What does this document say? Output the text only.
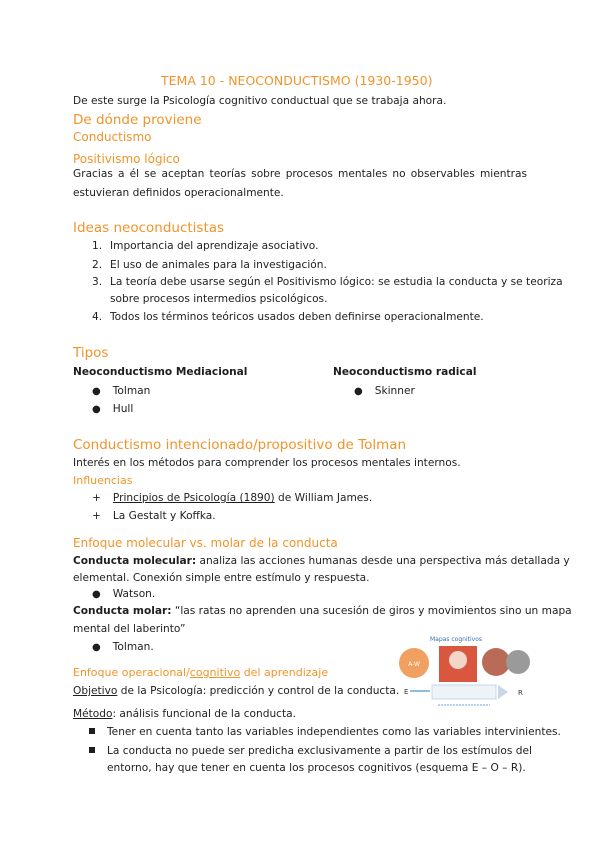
TEMA 10 - NEOCONDUCTISMO (1930-1950)
De este surge la Psicología cognitivo conductual que se trabaja ahora.
De dónde proviene
Conductismo
Positivismo lógico
Gracias a él se aceptan teorías sobre procesos mentales no observables mientras estuvieran definidos operacionalmente.
Ideas neoconductistas
1. Importancia del aprendizaje asociativo.
2. El uso de animales para la investigación.
3. La teoría debe usarse según el Positivismo lógico: se estudia la conducta y se teoriza
sobre procesos intermedios psicológicos.
4. Todos los términos teóricos usados deben definirse operacionalmente.
Tipos
Neoconductismo Mediacional
● Tolman
● Hull
Neoconductismo radical
● Skinner
Conductismo intencionado/propositivo de Tolman
Interés en los métodos para comprender los procesos mentales internos.
Influencias
+ Principios de Psicología (1890) de William James.
+ La Gestalt y Koffka.
Enfoque molecular vs. molar de la conducta
Conducta molecular: analiza las acciones humanas desde una perspectiva más detallada y
elemental. Conexión simple entre estímulo y respuesta.
● Watson.
Conducta molar: “las ratas no aprenden una sucesión de giros y movimientos sino un mapa
mental del laberinto”
● Tolman.
Enfoque operacional/cognitivo del aprendizaje
Objetivo de la Psicología: predicción y control de la conducta.
Método: análisis funcional de la conducta.
Tener en cuenta tanto las variables independientes como las variables intervinientes.
La conducta no puede ser predicha exclusivamente a partir de los estímulos del
entorno, hay que tener en cuenta los procesos cognitivos (esquema E – O – R).
Mapas cognitivos
A-W
E	R
